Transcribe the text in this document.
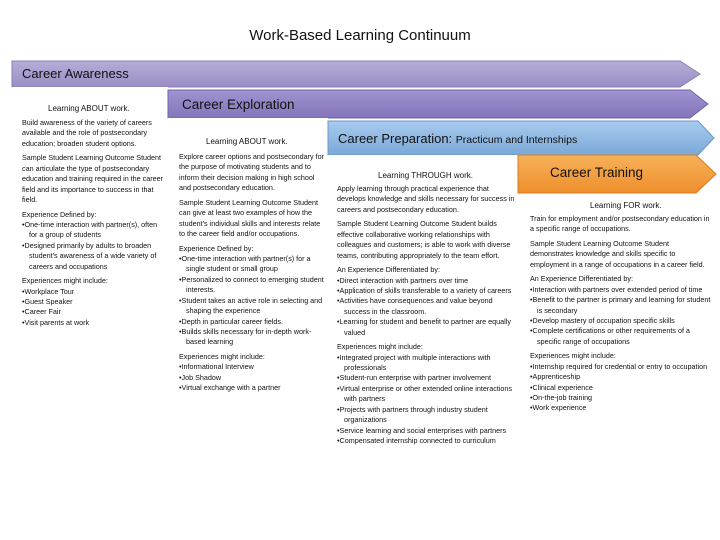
Work-Based Learning Continuum
Career Awareness
Learning ABOUT work.

Build awareness of the variety of careers available and the role of postsecondary education; broaden student options.

Sample Student Learning Outcome Student can articulate the type of postsecondary education and training required in the career field and its importance to success in that field.

Experience Defined by:

• One-time interaction with partner(s), often for a group of students
• Designed primarily by adults to broaden student’s awareness of a wide variety of careers and occupations

Experiences might include:

• Workplace Tour
• Guest Speaker
• Career Fair
• Visit parents at work
Career Exploration
Learning ABOUT work.

Explore career options and postsecondary for the purpose of motivating students and to inform their decision making in high school and postsecondary education.

Sample Student Learning Outcome Student can give at least two examples of how the student’s individual skills and interests relate to the career field and/or occupations.

Experience Defined by:

• One-time interaction with partner(s) for a single student or small group
• Personalized to connect to emerging student interests.
• Student takes an active role in selecting and shaping the experience
• Depth in particular career fields.
• Builds skills necessary for in-depth work-based learning

Experiences might include:

• Informational Interview
• Job Shadow
• Virtual exchange with a partner
Career Preparation: Practicum and Internships
Learning THROUGH work.

Apply learning through practical experience that develops knowledge and skills necessary for success in careers and postsecondary education.

Sample Student Learning Outcome Student builds effective collaborative working relationships with colleagues and customers; is able to work with diverse teams, contributing appropriately to the team effort.

An Experience Differentiated by:

• Direct interaction with partners over time
• Application of skills transferable to a variety of careers
• Activities have consequences and value beyond success in the classroom.
• Learning for student and benefit to partner are equally valued

Experiences might include:

• Integrated project with multiple interactions with professionals
• Student-run enterprise with partner involvement
• Virtual enterprise or other extended online interactions with partners
• Projects with partners through industry student organizations
• Service learning and social enterprises with partners
• Compensated internship connected to curriculum
Career Training
Learning FOR work.

Train for employment and/or postsecondary education in a specific range of occupations.

Sample Student Learning Outcome Student demonstrates knowledge and skills specific to employment in a range of occupations in a career field.

An Experience Differentiated by:

• Interaction with partners over extended period of time
• Benefit to the partner is primary and learning for student is secondary
• Develop mastery of occupation specific skills
• Complete certifications or other requirements of a specific range of occupations

Experiences might include:

• Internship required for credential or entry to occupation
• Apprenticeship
• Clinical experience
• On-the-job training
• Work experience
